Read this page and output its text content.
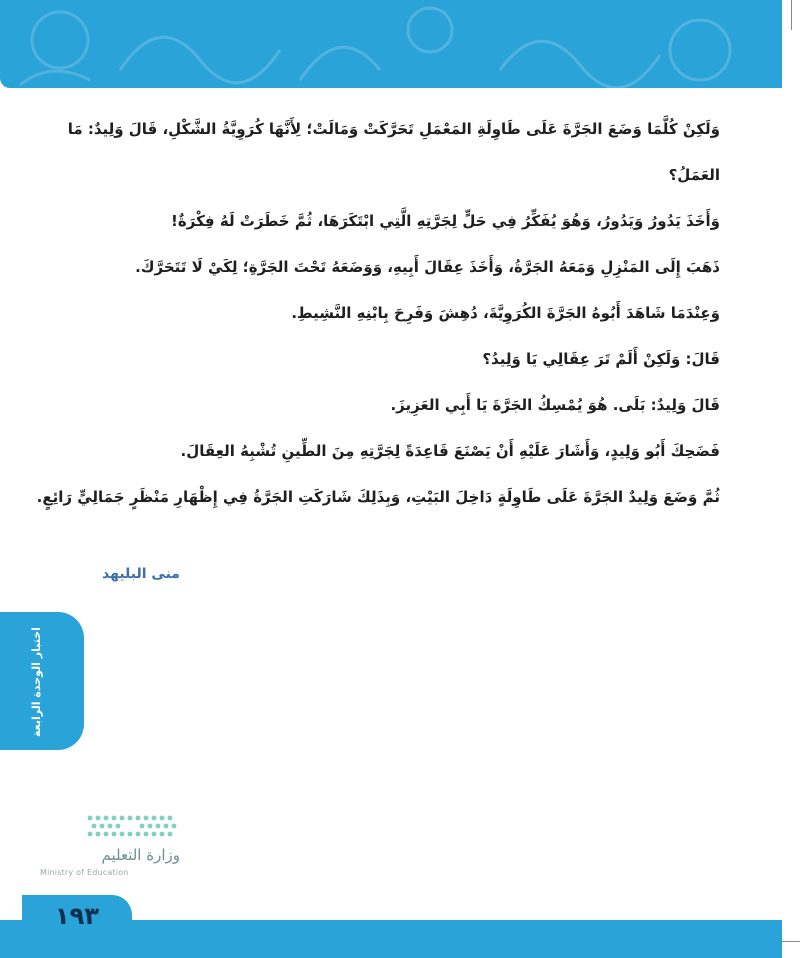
وَلَكِنْ كُلَّمَا وَضَعَ الجَرَّةَ عَلَى طَاوِلَةِ المَعْمَلِ تَحَرَّكَتْ وَمَالَتْ؛ لِأَنَّهَا كُرَوِيَّةُ الشَّكْلِ، قَالَ وَلِيدٌ: مَا
العَمَلُ؟
وَأَخَذَ يَدُورُ وَيَدُورُ، وَهُوَ يُفَكِّرُ فِي حَلٍّ لِجَرَّتِهِ الَّتِي ابْتَكَرَهَا، ثُمَّ خَطَرَتْ لَهُ فِكْرَةٌ!
ذَهَبَ إِلَى المَنْزِلِ وَمَعَهُ الجَرَّةُ، وَأَخَذَ عِقَالَ أَبِيهِ، وَوَضَعَهُ تَحْتَ الجَرَّةِ؛ لِكَيْ لَا تَتَحَرَّكَ.
وَعِنْدَمَا شَاهَدَ أَبُوهُ الجَرَّةَ الكُرَوِيَّةَ، دُهِشَ وَفَرِحَ بِابْنِهِ النَّشِيطِ.
قَالَ: وَلَكِنْ أَلَمْ تَرَ عِقَالِي يَا وَلِيدُ؟
قَالَ وَلِيدٌ: بَلَى. هُوَ يُمْسِكُ الجَرَّةَ يَا أَبِي العَزِيزَ.
فَضَحِكَ أَبُو وَلِيدٍ، وَأَشَارَ عَلَيْهِ أَنْ يَصْنَعَ قَاعِدَةً لِجَرَّتِهِ مِنَ الطِّينِ تُشْبِهُ العِقَالَ.
ثُمَّ وَضَعَ وَلِيدٌ الجَرَّةَ عَلَى طَاوِلَةٍ دَاخِلَ البَيْتِ، وَبِذَلِكَ شَارَكَتِ الجَرَّةُ فِي إِظْهَارِ مَنْظَرٍ جَمَالِيٍّ رَائِعٍ.
منى البليهد
اختبار الوحدة الرابعة
وزارة التعليم
Ministry of Education
١٩٣
